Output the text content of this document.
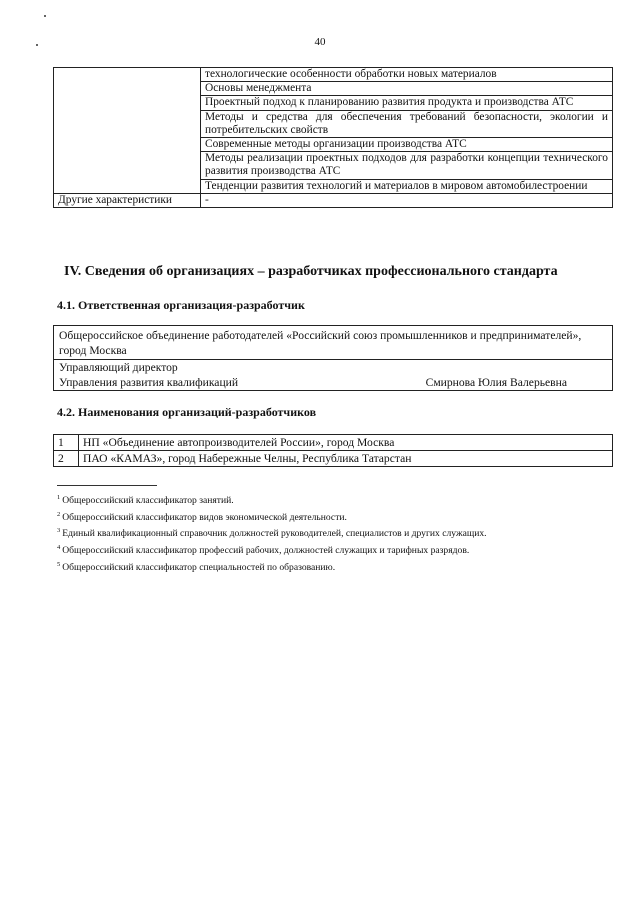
40
	технологические особенности обработки новых материалов
	Основы менеджмента
	Проектный подход к планированию развития продукта и производства АТС
	Методы и средства для обеспечения требований безопасности, экологии и потребительских свойств
	Современные методы организации производства АТС
	Методы реализации проектных подходов для разработки концепции технического развития производства АТС
	Тенденции развития технологий и материалов в мировом автомобилестроении
Другие характеристики	-
IV. Сведения об организациях – разработчиках профессионального стандарта
4.1. Ответственная организация-разработчик
Общероссийское объединение работодателей «Российский союз промышленников и предпринимателей», город Москва

Управляющий директор
Управления развития квалификаций	Смирнова Юлия Валерьевна
4.2. Наименования организаций-разработчиков
1	НП «Объединение автопроизводителей России», город Москва
2	ПАО «КАМАЗ», город Набережные Челны, Республика Татарстан
$^1$ Общероссийский классификатор занятий.
$^2$ Общероссийский классификатор видов экономической деятельности.
$^3$ Единый квалификационный справочник должностей руководителей, специалистов и других служащих.
$^4$ Общероссийский классификатор профессий рабочих, должностей служащих и тарифных разрядов.
$^5$ Общероссийский классификатор специальностей по образованию.
